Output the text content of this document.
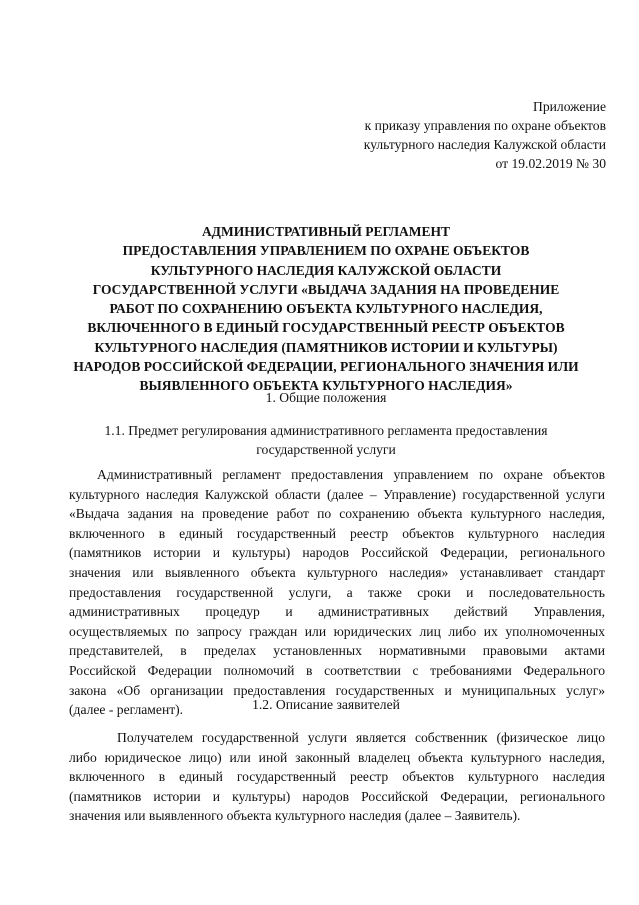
Приложение
к приказу управления по охране объектов
культурного наследия Калужской области
от 19.02.2019 № 30
АДМИНИСТРАТИВНЫЙ РЕГЛАМЕНТ
ПРЕДОСТАВЛЕНИЯ УПРАВЛЕНИЕМ ПО ОХРАНЕ ОБЪЕКТОВ
КУЛЬТУРНОГО НАСЛЕДИЯ КАЛУЖСКОЙ ОБЛАСТИ
ГОСУДАРСТВЕННОЙ УСЛУГИ «ВЫДАЧА ЗАДАНИЯ НА ПРОВЕДЕНИЕ
РАБОТ ПО СОХРАНЕНИЮ ОБЪЕКТА КУЛЬТУРНОГО НАСЛЕДИЯ,
ВКЛЮЧЕННОГО В ЕДИНЫЙ ГОСУДАРСТВЕННЫЙ РЕЕСТР ОБЪЕКТОВ
КУЛЬТУРНОГО НАСЛЕДИЯ (ПАМЯТНИКОВ ИСТОРИИ И КУЛЬТУРЫ)
НАРОДОВ РОССИЙСКОЙ ФЕДЕРАЦИИ, РЕГИОНАЛЬНОГО ЗНАЧЕНИЯ ИЛИ
ВЫЯВЛЕННОГО ОБЪЕКТА КУЛЬТУРНОГО НАСЛЕДИЯ»
1. Общие положения
1.1. Предмет регулирования административного регламента предоставления
государственной услуги
Административный регламент предоставления управлением по охране объектов
культурного наследия Калужской области (далее – Управление) государственной услуги
«Выдача задания на проведение работ по сохранению объекта культурного наследия,
включенного в единый государственный реестр объектов культурного наследия
(памятников истории и культуры) народов Российской Федерации, регионального
значения или выявленного объекта культурного наследия» устанавливает стандарт
предоставления государственной услуги, а также сроки и последовательность
административных процедур и административных действий Управления,
осуществляемых по запросу граждан или юридических лиц либо их уполномоченных
представителей, в пределах установленных нормативными правовыми актами
Российской Федерации полномочий в соответствии с требованиями Федерального
закона «Об организации предоставления государственных и муниципальных услуг»
(далее - регламент).	1.2. Описание заявителей
Получателем государственной услуги является собственник (физическое лицо
либо юридическое лицо) или иной законный владелец объекта культурного наследия,
включенного в единый государственный реестр объектов культурного наследия
(памятников истории и культуры) народов Российской Федерации, регионального
значения или выявленного объекта культурного наследия (далее – Заявитель).
